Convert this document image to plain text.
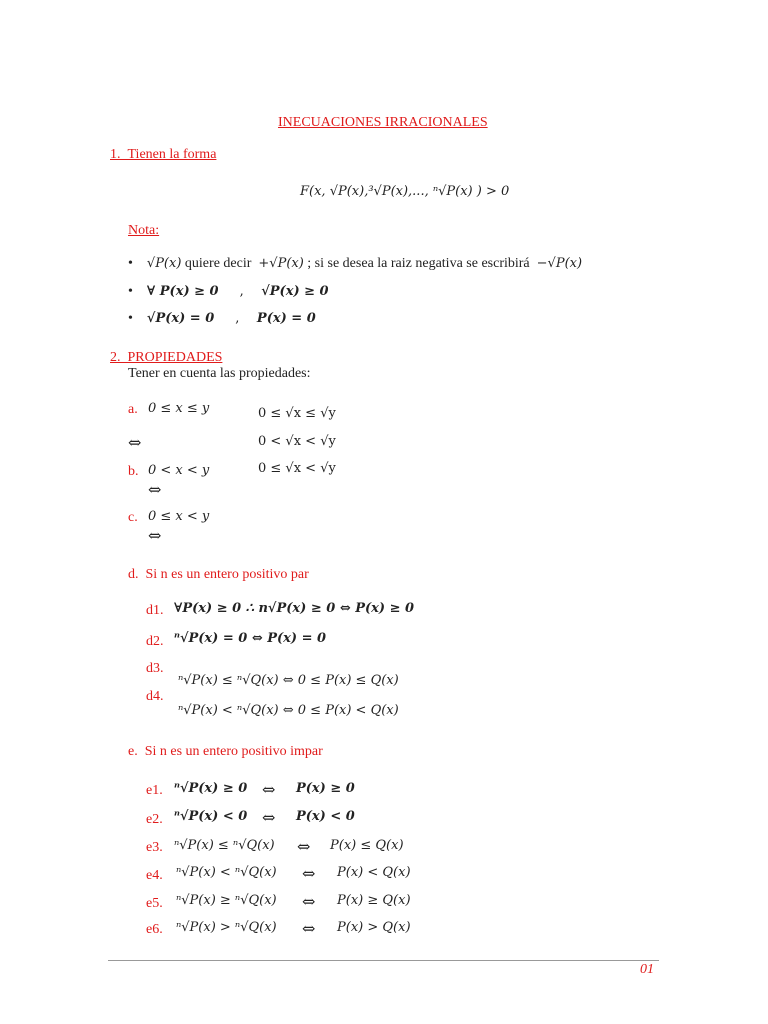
INECUACIONES IRRACIONALES
1.  Tienen la forma
F(x, √P(x),³√P(x),..., ⁿ√P(x) ) > 0
Nota:
• √P(x) quiere decir +√P(x) ; si se desea la raiz negativa se escribirá −√P(x)
• ∀ P(x) ≥ 0 , √P(x) ≥ 0
• √P(x) = 0 , P(x) = 0
2.  PROPIEDADES
Tener en cuenta las propiedades:
a. 0 ≤ x ≤ y	0 ≤ √x ≤ √y
⇔	0 < √x < √y
b. 0 < x < y	0 ≤ √x < √y
⇔
c. 0 ≤ x < y
⇔
d.  Si n es un entero positivo par
d1. ∀P(x) ≥ 0 ∴ n√P(x) ≥ 0 ⇔ P(x) ≥ 0
d2. ⁿ√P(x) = 0 ⇔ P(x) = 0
d3.
ⁿ√P(x) ≤ ⁿ√Q(x) ⇔ 0 ≤ P(x) ≤ Q(x)
d4.
ⁿ√P(x) < ⁿ√Q(x) ⇔ 0 ≤ P(x) < Q(x)
e.  Si n es un entero positivo impar
e1. ⁿ√P(x) ≥ 0 ⇔ P(x) ≥ 0
e2. ⁿ√P(x) < 0 ⇔ P(x) < 0
e3. ⁿ√P(x) ≤ ⁿ√Q(x) ⇔ P(x) ≤ Q(x)
e4. ⁿ√P(x) < ⁿ√Q(x) ⇔ P(x) < Q(x)
e5. ⁿ√P(x) ≥ ⁿ√Q(x) ⇔ P(x) ≥ Q(x)
e6. ⁿ√P(x) > ⁿ√Q(x) ⇔ P(x) > Q(x)
01
